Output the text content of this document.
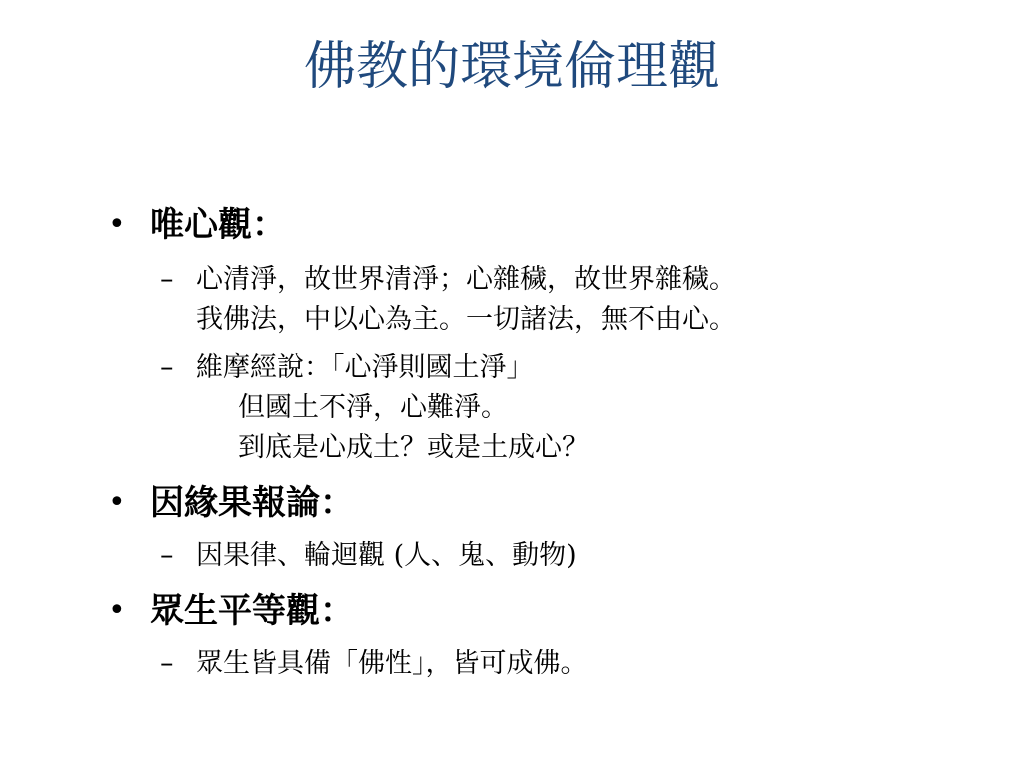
佛教的環境倫理觀
• 唯心觀：
– 心清淨，故世界清淨；心雜穢，故世界雜穢。
我佛法，中以心為主。一切諸法，無不由心。
– 維摩經說：「心淨則國土淨」
但國土不淨，心難淨。
到底是心成土？或是土成心？
• 因緣果報論：
– 因果律、輪迴觀 (人、鬼、動物)
• 眾生平等觀：
– 眾生皆具備「佛性」，皆可成佛。
